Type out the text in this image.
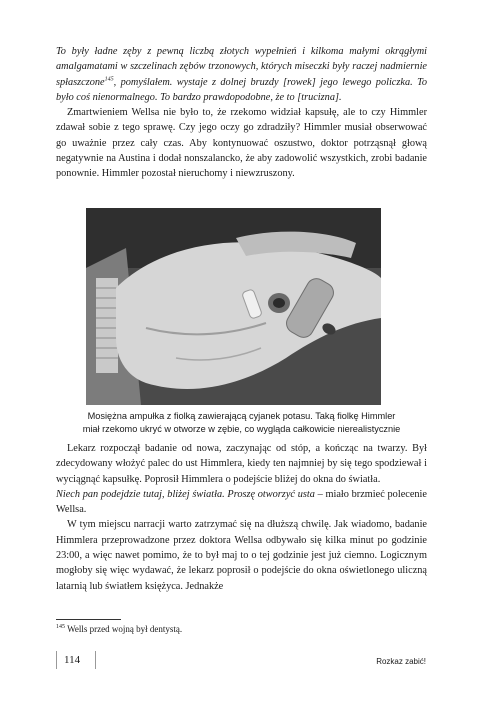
To były ładne zęby z pewną liczbą złotych wypełnień i kilkoma małymi okrągłymi amalgamatami w szczelinach zębów trzonowych, których miseczki były raczej nadmiernie spłaszczone$^{145}$, pomyślałem. wystaje z dolnej bruzdy [rowek] jego lewego policzka. To było coś nienormalnego. To bardzo prawdopodobne, że to [trucizna].

Zmartwieniem Wellsa nie było to, że rzekomo widział kapsułę, ale to czy Himmler zdawał sobie z tego sprawę. Czy jego oczy go zdradziły? Himmler musiał obserwować go uważnie przez cały czas. Aby kontynuować oszustwo, doktor potrząsnął głową negatywnie na Austina i dodał nonszalancko, że aby zadowolić wszystkich, zrobi badanie ponownie. Himmler pozostał nieruchomy i niewzruszony.

Mosiężna ampułka z fiolką zawierającą cyjanek potasu. Taką fiolkę Himmler
miał rzekomo ukryć w otworze w zębie, co wygląda całkowicie nierealistycznie

Lekarz rozpoczął badanie od nowa, zaczynając od stóp, a kończąc na twarzy. Był zdecydowany włożyć palec do ust Himmlera, kiedy ten najmniej by się tego spodziewał i wyciągnąć kapsułkę. Poprosił Himmlera o podejście bliżej do okna do światła.

Niech pan podejdzie tutaj, bliżej światła. Proszę otworzyć usta – miało brzmieć polecenie Wellsa.

W tym miejscu narracji warto zatrzymać się na dłuższą chwilę. Jak wiadomo, badanie Himmlera przeprowadzone przez doktora Wellsa odbywało się kilka minut po godzinie 23:00, a więc nawet pomimo, że to był maj to o tej godzinie jest już ciemno. Logicznym mogłoby się więc wydawać, że lekarz poprosił o podejście do okna oświetlonego uliczną latarnią lub światłem księżyca. Jednakże

$^{145}$ Wells przed wojną był dentystą.
114	Rozkaz zabić!
